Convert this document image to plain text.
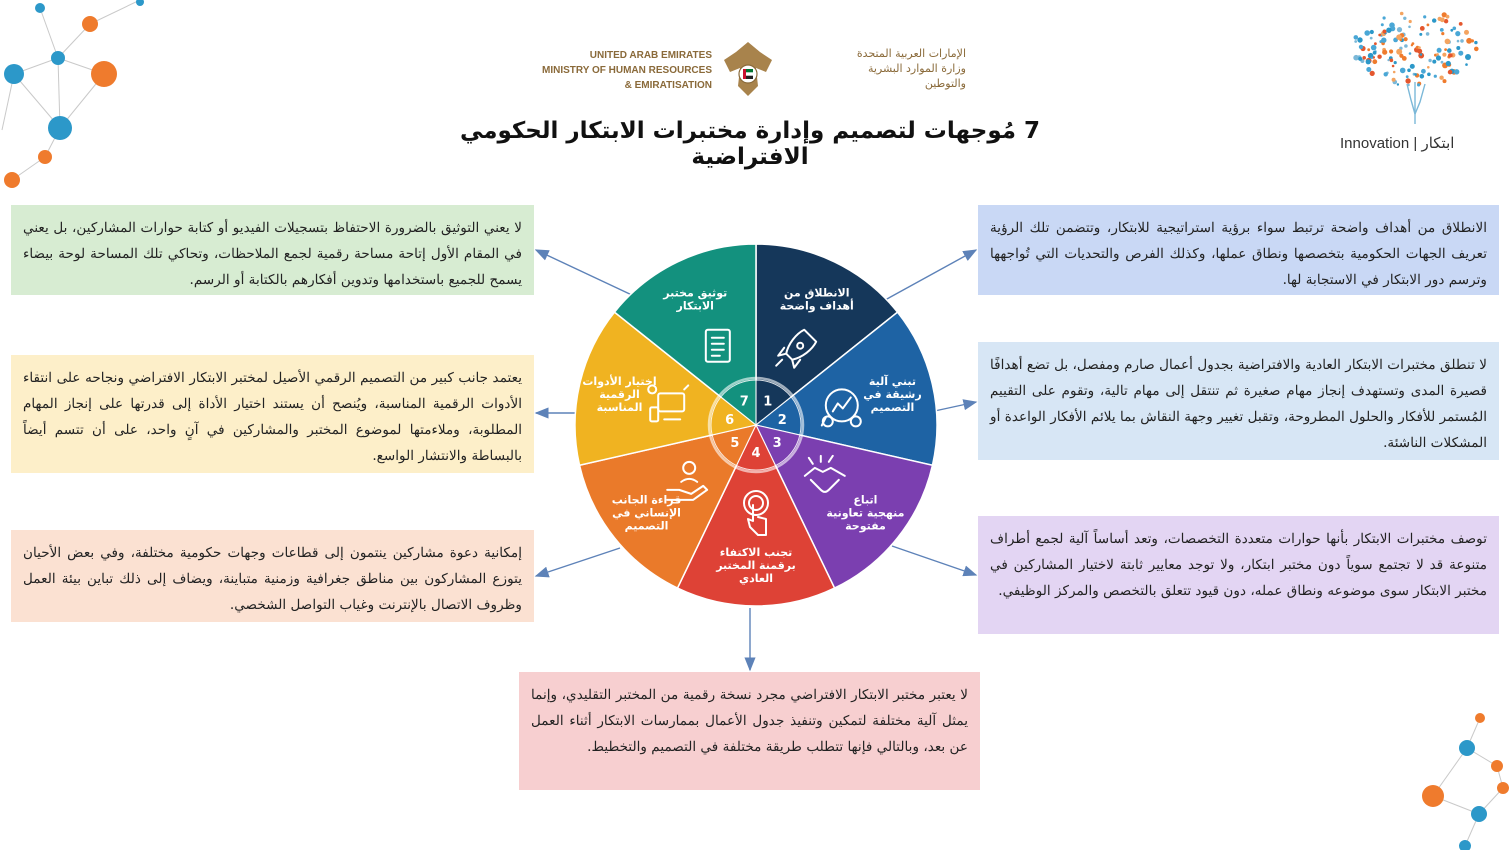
Innovation | ابتكار
UNITED ARAB EMIRATES
MINISTRY OF HUMAN RESOURCES
& EMIRATISATION
الإمارات العربية المتحدة
وزارة الموارد البشرية
والتوطين
7 مُوجهات لتصميم وإدارة مختبرات الابتكار الحكومي الافتراضية
الانطلاق من أهداف واضحة ترتبط سواء برؤية استراتيجية للابتكار، وتتضمن تلك الرؤية تعريف الجهات الحكومية بتخصصها ونطاق عملها، وكذلك الفرص والتحديات التي تُواجهها وترسم دور الابتكار في الاستجابة لها.
لا تنطلق مختبرات الابتكار العادية والافتراضية بجدول أعمال صارم ومفصل، بل تضع أهدافًا قصيرة المدى وتستهدف إنجاز مهام صغيرة ثم تنتقل إلى مهام تالية، وتقوم على التقييم المُستمر للأفكار والحلول المطروحة، وتقبل تغيير وجهة النقاش بما يلائم الأفكار الواعدة أو المشكلات الناشئة.
توصف مختبرات الابتكار بأنها حوارات متعددة التخصصات، وتعد أساساً آلية لجمع أطراف متنوعة قد لا تجتمع سوياً دون مختبر ابتكار، ولا توجد معايير ثابتة لاختيار المشاركين في مختبر الابتكار سوى موضوعه ونطاق عمله، دون قيود تتعلق بالتخصص والمركز الوظيفي.
لا يعتبر مختبر الابتكار الافتراضي مجرد نسخة رقمية من المختبر التقليدي، وإنما يمثل آلية مختلفة لتمكين وتنفيذ جدول الأعمال بممارسات الابتكار أثناء العمل عن بعد، وبالتالي فإنها تتطلب طريقة مختلفة في التصميم والتخطيط.
إمكانية دعوة مشاركين ينتمون إلى قطاعات وجهات حكومية مختلفة، وفي بعض الأحيان يتوزع المشاركون بين مناطق جغرافية وزمنية متباينة، ويضاف إلى ذلك تباين بيئة العمل وظروف الاتصال بالإنترنت وغياب التواصل الشخصي.
يعتمد جانب كبير من التصميم الرقمي الأصيل لمختبر الابتكار الافتراضي ونجاحه على انتقاء الأدوات الرقمية المناسبة، ويُنصح أن يستند اختيار الأداة إلى قدرتها على إنجاز المهام المطلوبة، وملاءمتها لموضوع المختبر والمشاركين في آنٍ واحد، على أن تتسم أيضاً بالبساطة والانتشار الواسع.
لا يعني التوثيق بالضرورة الاحتفاظ بتسجيلات الفيديو أو كتابة حوارات المشاركين، بل يعني في المقام الأول إتاحة مساحة رقمية لجمع الملاحظات، وتحاكي تلك المساحة لوحة بيضاء يسمح للجميع باستخدامها وتدوين أفكارهم بالكتابة أو الرسم.
1
2
3
4
5
6
7
الانطلاق من
أهداف واضحة
تبني آلية
رشيقة في
التصميم
اتباع
منهجية تعاونية
مفتوحة
تجنب الاكتفاء
برقمنة المختبر
العادي
قراءة الجانب
الإنساني في
التصميم
اختيار الأدوات
الرقمية
المناسبة
توثيق مختبر
الابتكار
